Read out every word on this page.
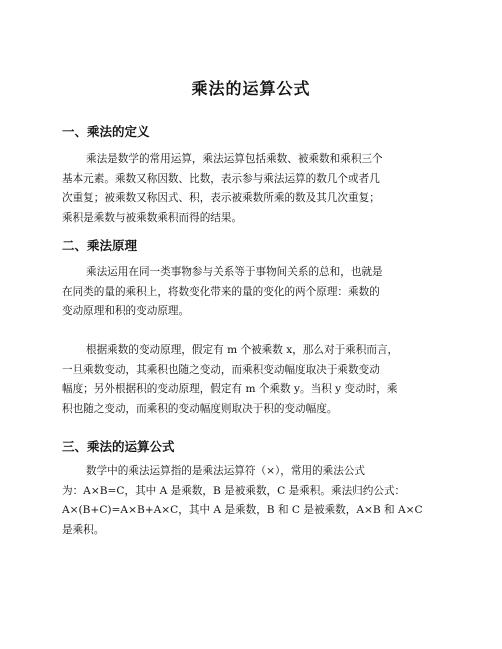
乘法的运算公式
一、乘法的定义

乘法是数学的常用运算，乘法运算包括乘数、被乘数和乘积三个
基本元素。乘数又称因数、比数，表示参与乘法运算的数几个或者几
次重复；被乘数又称因式、积，表示被乘数所乘的数及其几次重复；
乘积是乘数与被乘数乘积而得的结果。

二、乘法原理

乘法运用在同一类事物参与关系等于事物间关系的总和，也就是
在同类的量的乘积上，将数变化带来的量的变化的两个原理：乘数的
变动原理和积的变动原理。

根据乘数的变动原理，假定有 m 个被乘数 x，那么对于乘积而言，
一旦乘数变动，其乘积也随之变动，而乘积变动幅度取决于乘数变动
幅度；另外根据积的变动原理，假定有 m 个乘数 y。当积 y 变动时，乘
积也随之变动，而乘积的变动幅度则取决于积的变动幅度。

三、乘法的运算公式

数学中的乘法运算指的是乘法运算符（×），常用的乘法公式
为：A×B=C，其中 A 是乘数，B 是被乘数，C 是乘积。乘法归约公式：
A×(B+C)=A×B+A×C，其中 A 是乘数，B 和 C 是被乘数，A×B 和 A×C
是乘积。
